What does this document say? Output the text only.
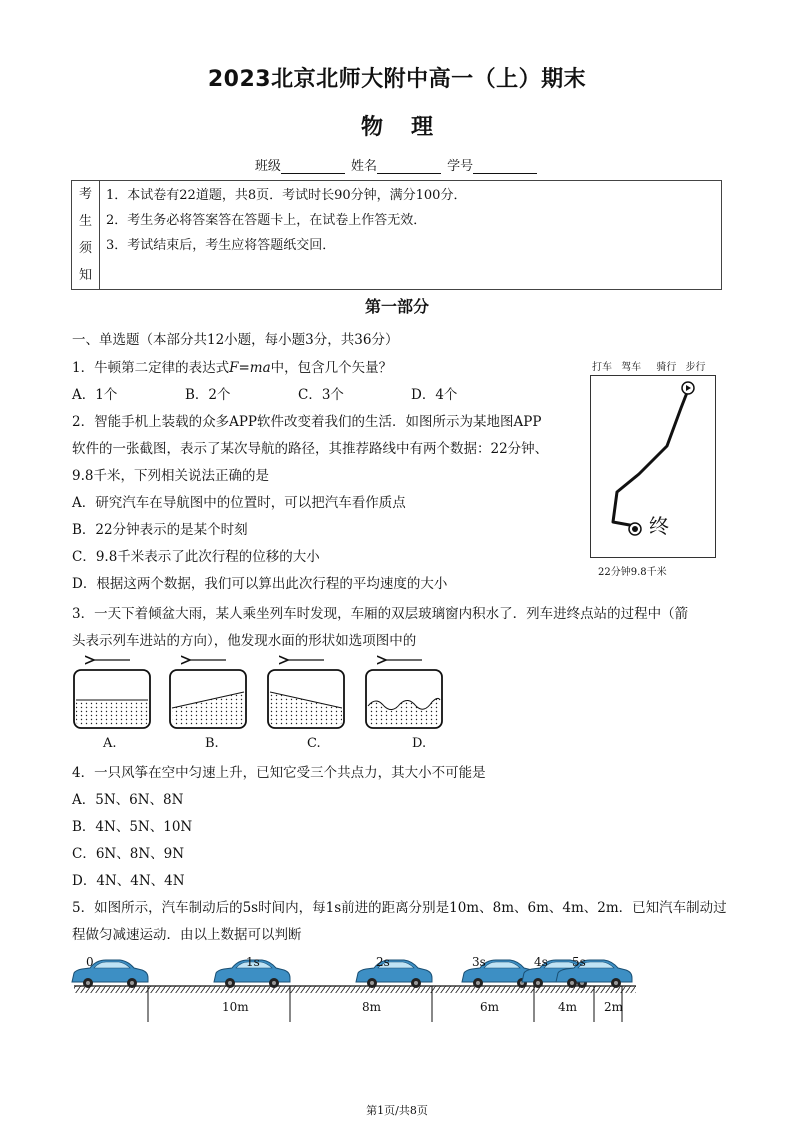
2023北京北师大附中高一（上）期末
物理
班级	姓名	学号
考
生
须
知
1．本试卷有22道题，共8页．考试时长90分钟，满分100分．
2．考生务必将答案答在答题卡上，在试卷上作答无效．
3．考试结束后，考生应将答题纸交回．
第一部分
一、单选题（本部分共12小题，每小题3分，共36分）
1．牛顿第二定律的表达式F=ma中，包含几个矢量？
A．1个	B．2个	C．3个	D．4个
2．智能手机上装载的众多APP软件改变着我们的生活．如图所示为某地图APP
软件的一张截图，表示了某次导航的路径，其推荐路线中有两个数据：22分钟、
9.8千米，下列相关说法正确的是
A．研究汽车在导航图中的位置时，可以把汽车看作质点
B．22分钟表示的是某个时刻
C．9.8千米表示了此次行程的位移的大小
D．根据这两个数据，我们可以算出此次行程的平均速度的大小
打车 驾车 骑行 步行
终
22分钟9.8千米
3．一天下着倾盆大雨，某人乘坐列车时发现，车厢的双层玻璃窗内积水了．列车进终点站的过程中（箭
头表示列车进站的方向），他发现水面的形状如选项图中的
A.	B.	C.	D.
4．一只风筝在空中匀速上升，已知它受三个共点力，其大小不可能是
A．5N、6N、8N
B．4N、5N、10N
C．6N、8N、9N
D．4N、4N、4N
5．如图所示，汽车制动后的5s时间内，每1s前进的距离分别是10m、8m、6m、4m、2m．已知汽车制动过
程做匀减速运动．由以上数据可以判断
0	1s	2s	3s	4s 5s
10m	8m	6m	4m 2m
第1页/共8页
